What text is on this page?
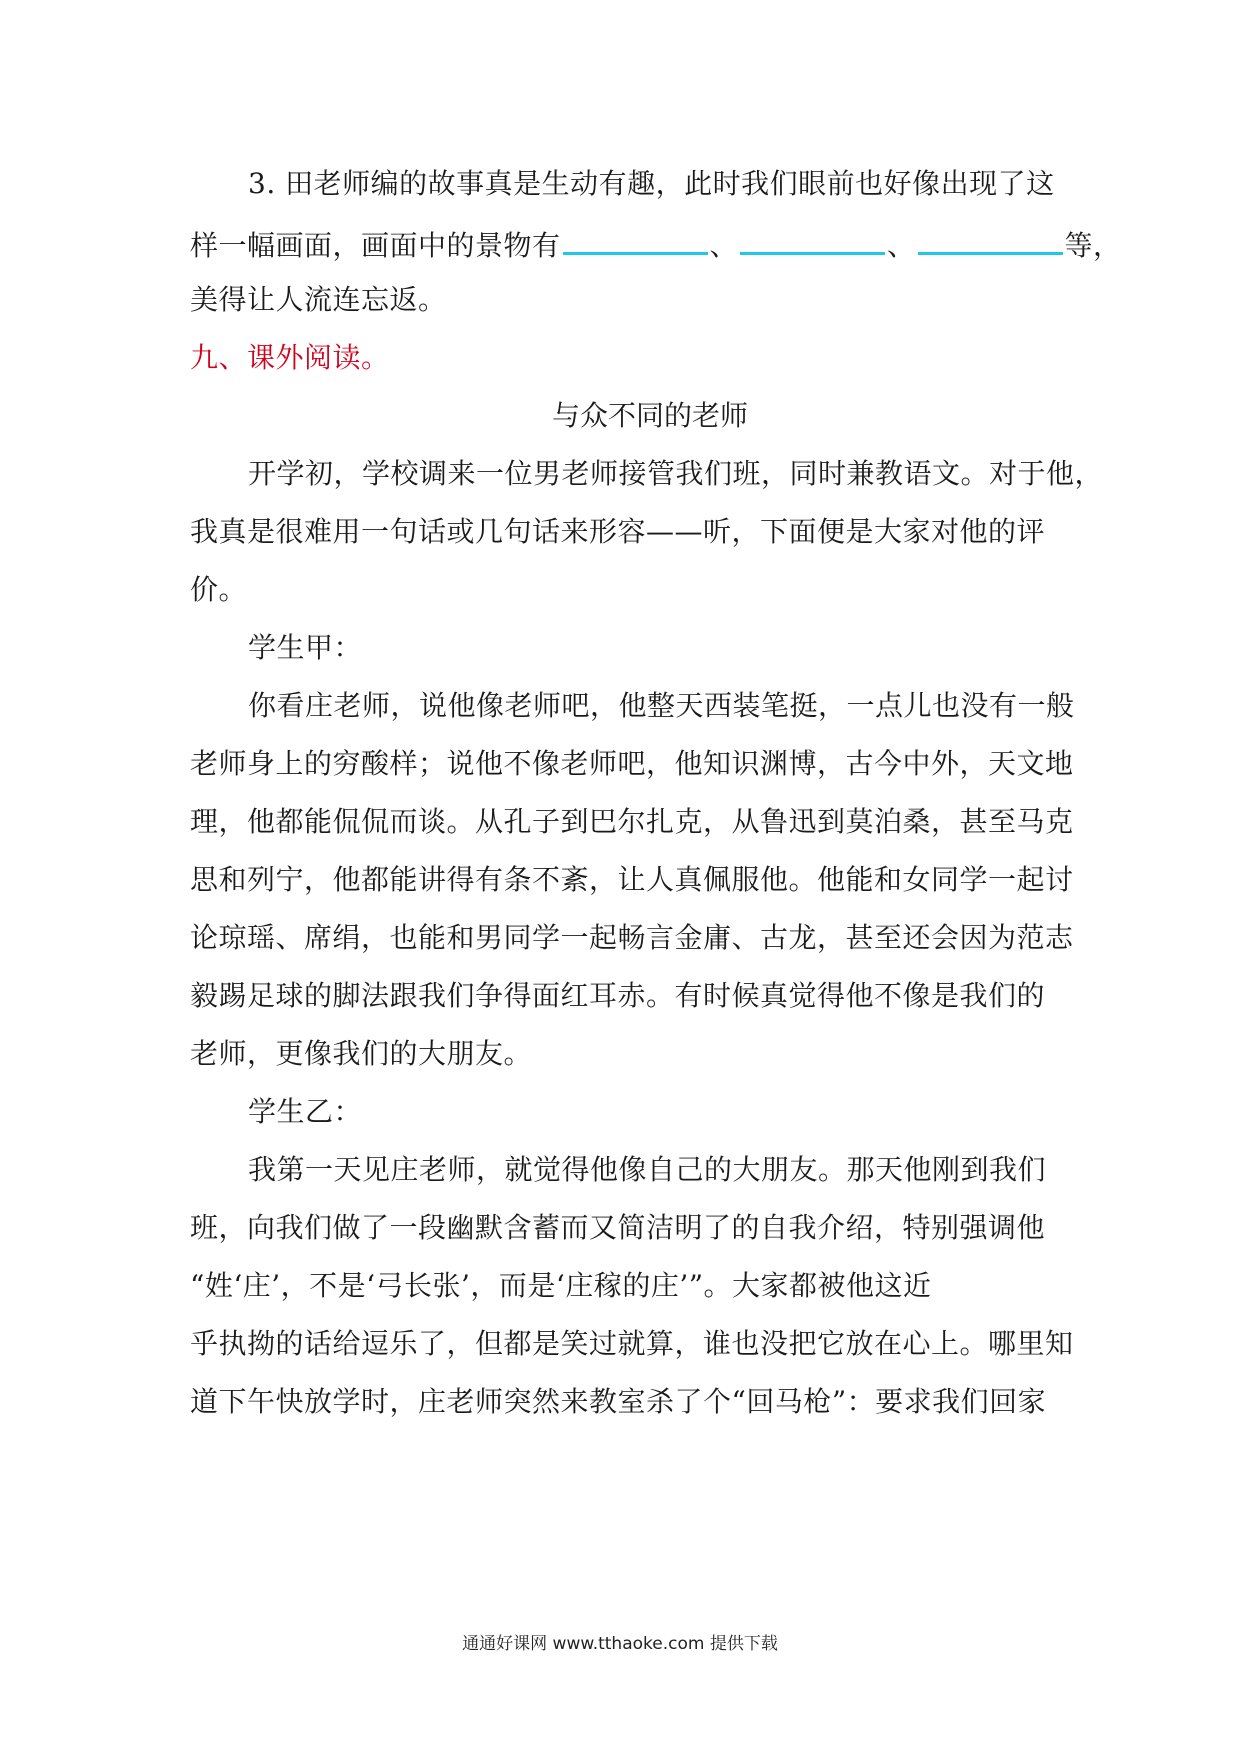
3. 田老师编的故事真是生动有趣，此时我们眼前也好像出现了这
样一幅画面，画面中的景物有	、	、	等，
美得让人流连忘返。
九、课外阅读。
与众不同的老师
开学初，学校调来一位男老师接管我们班，同时兼教语文。对于他，
我真是很难用一句话或几句话来形容——听，下面便是大家对他的评
价。
学生甲：
你看庄老师，说他像老师吧，他整天西装笔挺，一点儿也没有一般
老师身上的穷酸样；说他不像老师吧，他知识渊博，古今中外，天文地
理，他都能侃侃而谈。从孔子到巴尔扎克，从鲁迅到莫泊桑，甚至马克
思和列宁，他都能讲得有条不紊，让人真佩服他。他能和女同学一起讨
论琼瑶、席绢，也能和男同学一起畅言金庸、古龙，甚至还会因为范志
毅踢足球的脚法跟我们争得面红耳赤。有时候真觉得他不像是我们的
老师，更像我们的大朋友。
学生乙：
我第一天见庄老师，就觉得他像自己的大朋友。那天他刚到我们
班，向我们做了一段幽默含蓄而又简洁明了的自我介绍，特别强调他
“姓‘庄’，不是‘弓长张’，而是‘庄稼的庄’”。大家都被他这近
乎执拗的话给逗乐了，但都是笑过就算，谁也没把它放在心上。哪里知
道下午快放学时，庄老师突然来教室杀了个“回马枪”：要求我们回家
通通好课网 www.tthaoke.com 提供下载
